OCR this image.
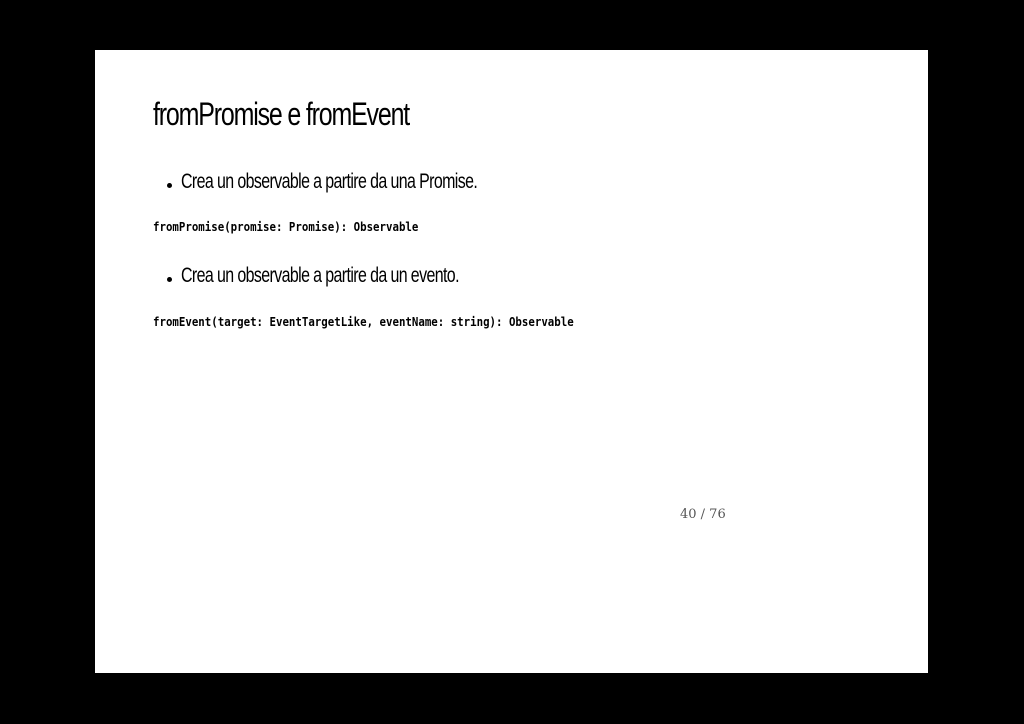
fromPromise e fromEvent
Crea un observable a partire da una Promise.
fromPromise(promise: Promise): Observable
Crea un observable a partire da un evento.
fromEvent(target: EventTargetLike, eventName: string): Observable
40 / 76
